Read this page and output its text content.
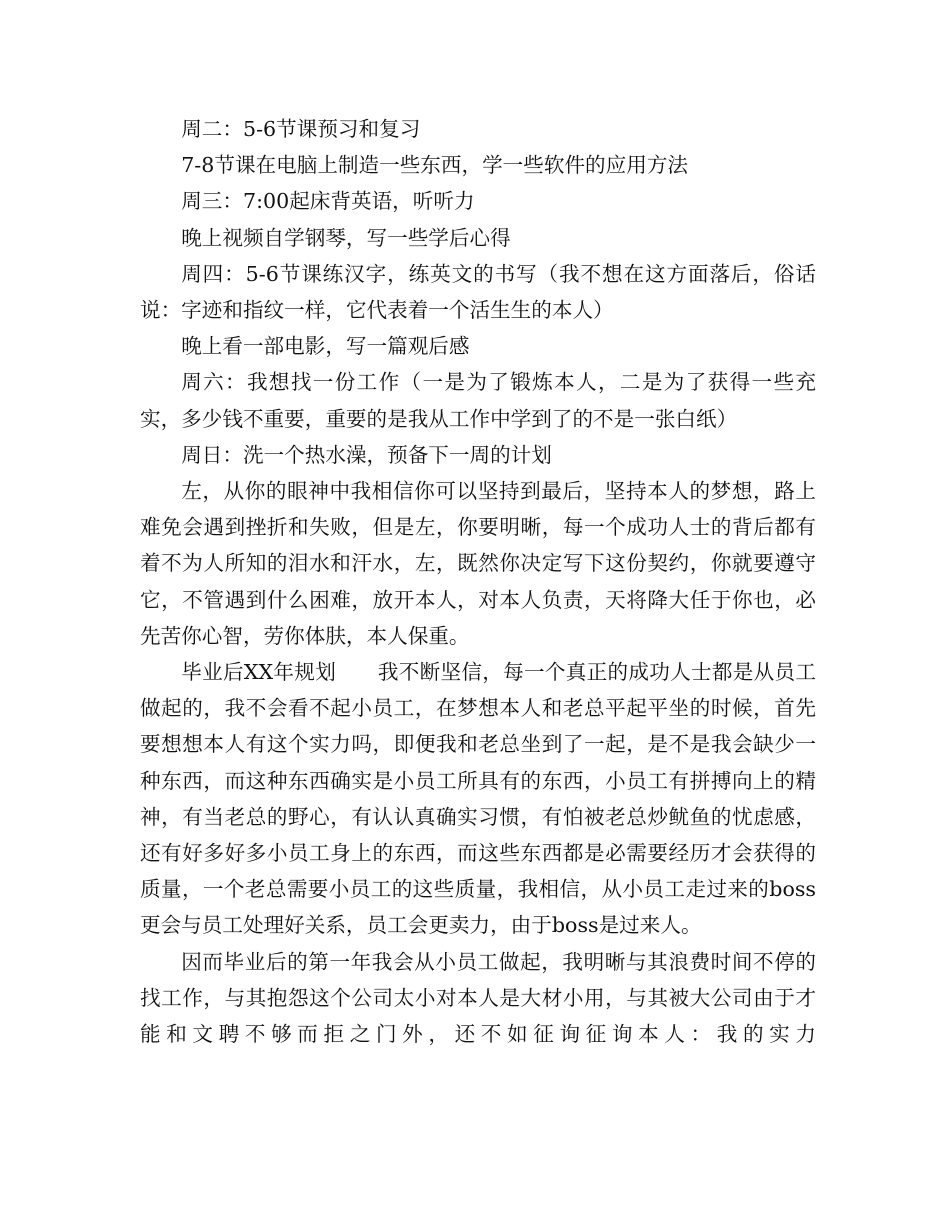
周二：5-6节课预习和复习

7-8节课在电脑上制造一些东西，学一些软件的应用方法

周三：7:00起床背英语，听听力

晚上视频自学钢琴，写一些学后心得

周四：5-6节课练汉字，练英文的书写（我不想在这方面落后，俗话说：字迹和指纹一样，它代表着一个活生生的本人）

晚上看一部电影，写一篇观后感

周六：我想找一份工作（一是为了锻炼本人，二是为了获得一些充实，多少钱不重要，重要的是我从工作中学到了的不是一张白纸）

周日：洗一个热水澡，预备下一周的计划

左，从你的眼神中我相信你可以坚持到最后，坚持本人的梦想，路上难免会遇到挫折和失败，但是左，你要明晰，每一个成功人士的背后都有着不为人所知的泪水和汗水，左，既然你决定写下这份契约，你就要遵守它，不管遇到什么困难，放开本人，对本人负责，天将降大任于你也，必先苦你心智，劳你体肤，本人保重。

毕业后XX年规划　　我不断坚信，每一个真正的成功人士都是从员工做起的，我不会看不起小员工，在梦想本人和老总平起平坐的时候，首先要想想本人有这个实力吗，即便我和老总坐到了一起，是不是我会缺少一种东西，而这种东西确实是小员工所具有的东西，小员工有拼搏向上的精神，有当老总的野心，有认认真确实习惯，有怕被老总炒鱿鱼的忧虑感，还有好多好多小员工身上的东西，而这些东西都是必需要经历才会获得的质量，一个老总需要小员工的这些质量，我相信，从小员工走过来的boss更会与员工处理好关系，员工会更卖力，由于boss是过来人。

因而毕业后的第一年我会从小员工做起，我明晰与其浪费时间不停的找工作，与其抱怨这个公司太小对本人是大材小用，与其被大公司由于才能和文聘不够而拒之门外，还不如征询征询本人：我的实力
